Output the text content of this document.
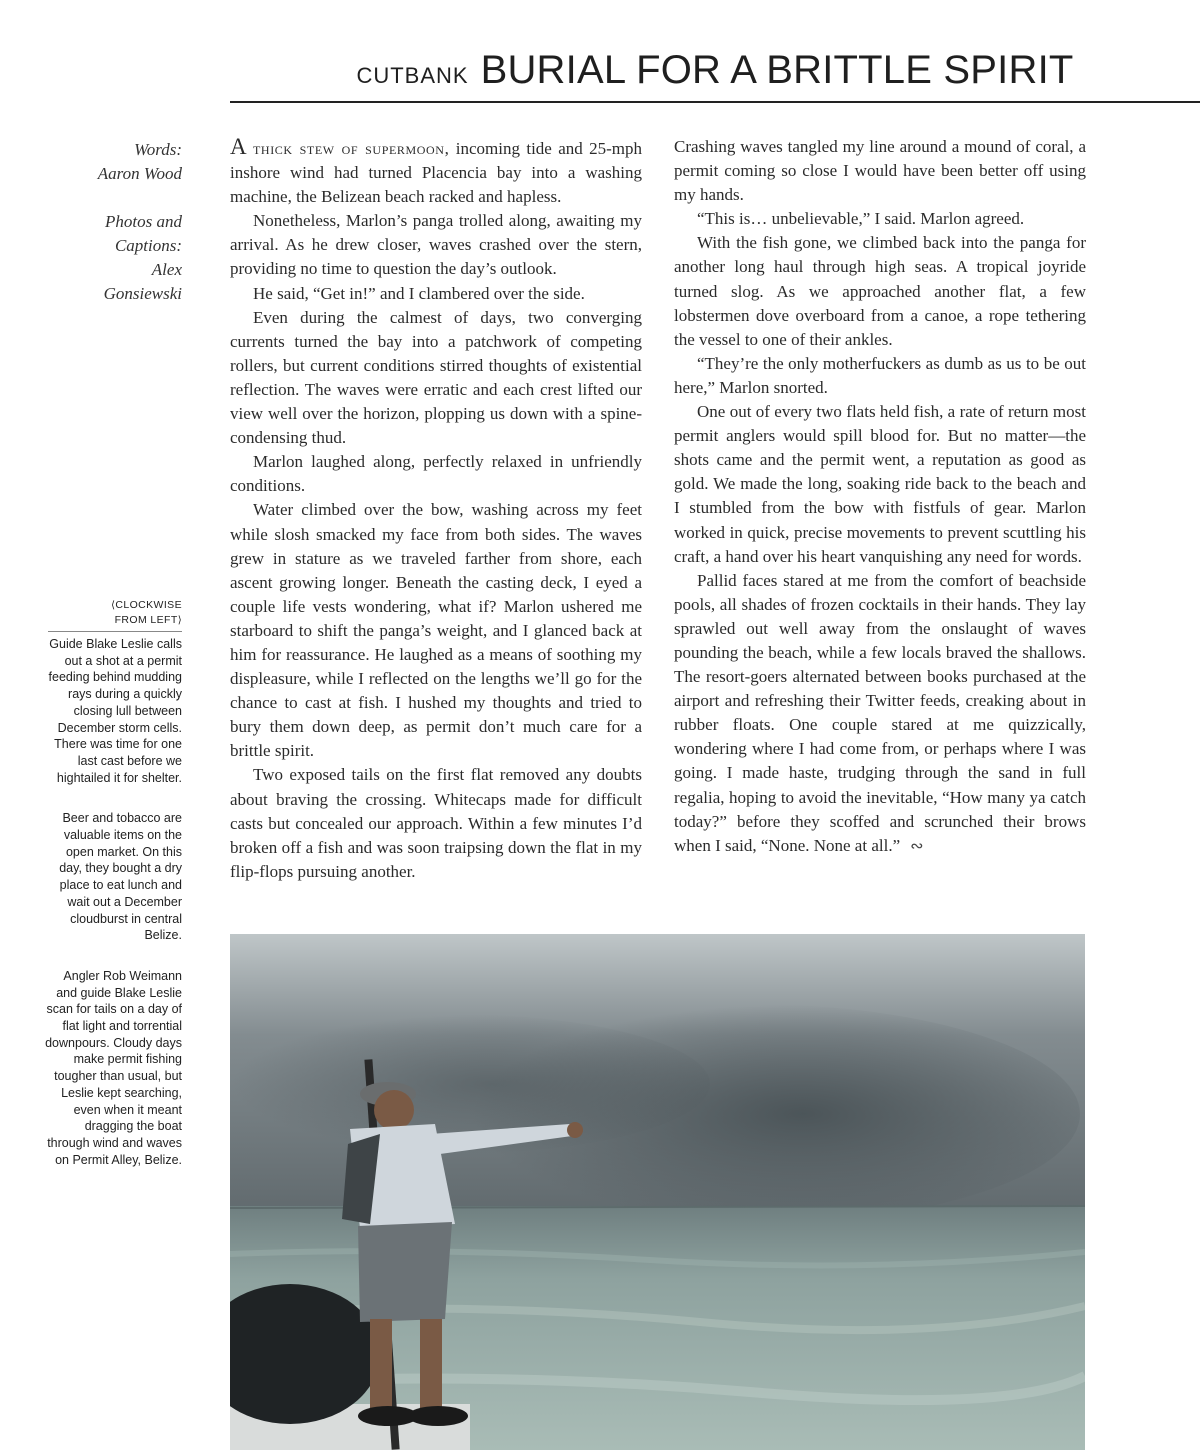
CUTBANK BURIAL FOR A BRITTLE SPIRIT

Words:
Aaron Wood

Photos and
Captions:
Alex
Gonsiewski

⟨CLOCKWISE
FROM LEFT⟩

Guide Blake Leslie calls out a shot at a permit feeding behind mudding rays during a quickly closing lull between December storm cells. There was time for one last cast before we hightailed it for shelter.

Beer and tobacco are valuable items on the open market. On this day, they bought a dry place to eat lunch and wait out a December cloudburst in central Belize.

Angler Rob Weimann and guide Blake Leslie scan for tails on a day of flat light and torrential downpours. Cloudy days make permit fishing tougher than usual, but Leslie kept searching, even when it meant dragging the boat through wind and waves on Permit Alley, Belize.

A thick stew of supermoon, incoming tide and 25-mph inshore wind had turned Placencia bay into a washing machine, the Belizean beach racked and hapless.

Nonetheless, Marlon’s panga trolled along, awaiting my arrival. As he drew closer, waves crashed over the stern, providing no time to question the day’s outlook.

He said, “Get in!” and I clambered over the side.

Even during the calmest of days, two converging currents turned the bay into a patchwork of competing rollers, but current conditions stirred thoughts of existential reflection. The waves were erratic and each crest lifted our view well over the horizon, plopping us down with a spine-condensing thud.

Marlon laughed along, perfectly relaxed in unfriendly conditions.

Water climbed over the bow, washing across my feet while slosh smacked my face from both sides. The waves grew in stature as we traveled farther from shore, each ascent growing longer. Beneath the casting deck, I eyed a couple life vests wondering, what if? Marlon ushered me starboard to shift the panga’s weight, and I glanced back at him for reassurance. He laughed as a means of soothing my displeasure, while I reflected on the lengths we’ll go for the chance to cast at fish. I hushed my thoughts and tried to bury them down deep, as permit don’t much care for a brittle spirit.

Two exposed tails on the first flat removed any doubts about braving the crossing. Whitecaps made for difficult casts but concealed our approach. Within a few minutes I’d broken off a fish and was soon traipsing down the flat in my flip-flops pursuing another.

Crashing waves tangled my line around a mound of coral, a permit coming so close I would have been better off using my hands.

“This is… unbelievable,” I said. Marlon agreed.

With the fish gone, we climbed back into the panga for another long haul through high seas. A tropical joyride turned slog. As we approached another flat, a few lobstermen dove overboard from a canoe, a rope tethering the vessel to one of their ankles.

“They’re the only motherfuckers as dumb as us to be out here,” Marlon snorted.

One out of every two flats held fish, a rate of return most permit anglers would spill blood for. But no matter—the shots came and the permit went, a reputation as good as gold. We made the long, soaking ride back to the beach and I stumbled from the bow with fistfuls of gear. Marlon worked in quick, precise movements to prevent scuttling his craft, a hand over his heart vanquishing any need for words.

Pallid faces stared at me from the comfort of beachside pools, all shades of frozen cocktails in their hands. They lay sprawled out well away from the onslaught of waves pounding the beach, while a few locals braved the shallows. The resort-goers alternated between books purchased at the airport and refreshing their Twitter feeds, creaking about in rubber floats. One couple stared at me quizzically, wondering where I had come from, or perhaps where I was going. I made haste, trudging through the sand in full regalia, hoping to avoid the inevitable, “How many ya catch today?” before they scoffed and scrunched their brows when I said, “None. None at all.” ∾
